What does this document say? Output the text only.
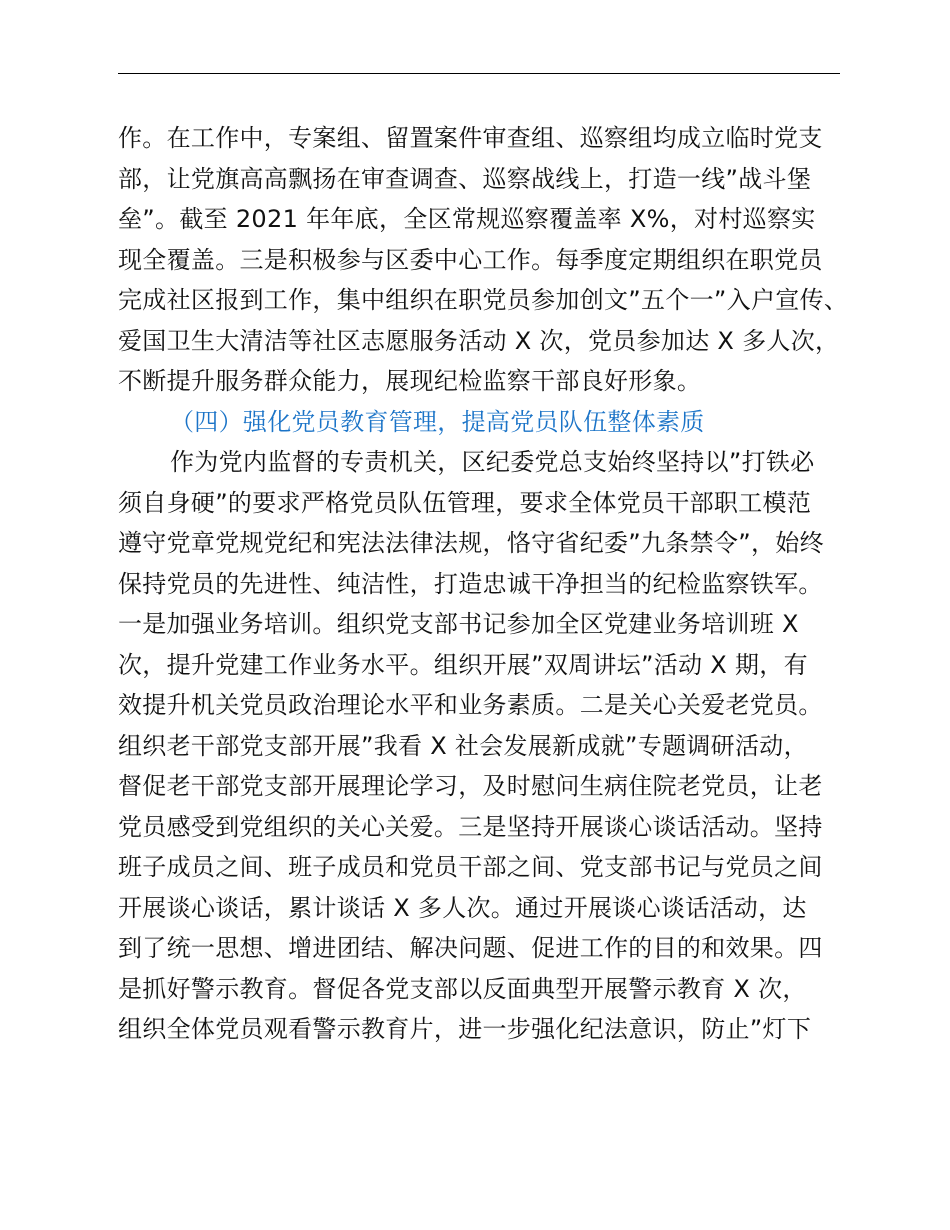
作。在工作中，专案组、留置案件审查组、巡察组均成立临时党支
部，让党旗高高飘扬在审查调查、巡察战线上，打造一线”战斗堡
垒”。截至 2021 年年底，全区常规巡察覆盖率 X%，对村巡察实
现全覆盖。三是积极参与区委中心工作。每季度定期组织在职党员
完成社区报到工作，集中组织在职党员参加创文”五个一”入户宣传、
爱国卫生大清洁等社区志愿服务活动 X 次，党员参加达 X 多人次，
不断提升服务群众能力，展现纪检监察干部良好形象。
（四）强化党员教育管理，提高党员队伍整体素质
作为党内监督的专责机关，区纪委党总支始终坚持以”打铁必
须自身硬”的要求严格党员队伍管理，要求全体党员干部职工模范
遵守党章党规党纪和宪法法律法规，恪守省纪委”九条禁令”，始终
保持党员的先进性、纯洁性，打造忠诚干净担当的纪检监察铁军。
一是加强业务培训。组织党支部书记参加全区党建业务培训班 X
次，提升党建工作业务水平。组织开展”双周讲坛”活动 X 期，有
效提升机关党员政治理论水平和业务素质。二是关心关爱老党员。
组织老干部党支部开展”我看 X 社会发展新成就”专题调研活动，
督促老干部党支部开展理论学习，及时慰问生病住院老党员，让老
党员感受到党组织的关心关爱。三是坚持开展谈心谈话活动。坚持
班子成员之间、班子成员和党员干部之间、党支部书记与党员之间
开展谈心谈话，累计谈话 X 多人次。通过开展谈心谈话活动，达
到了统一思想、增进团结、解决问题、促进工作的目的和效果。四
是抓好警示教育。督促各党支部以反面典型开展警示教育 X 次，
组织全体党员观看警示教育片，进一步强化纪法意识，防止”灯下
